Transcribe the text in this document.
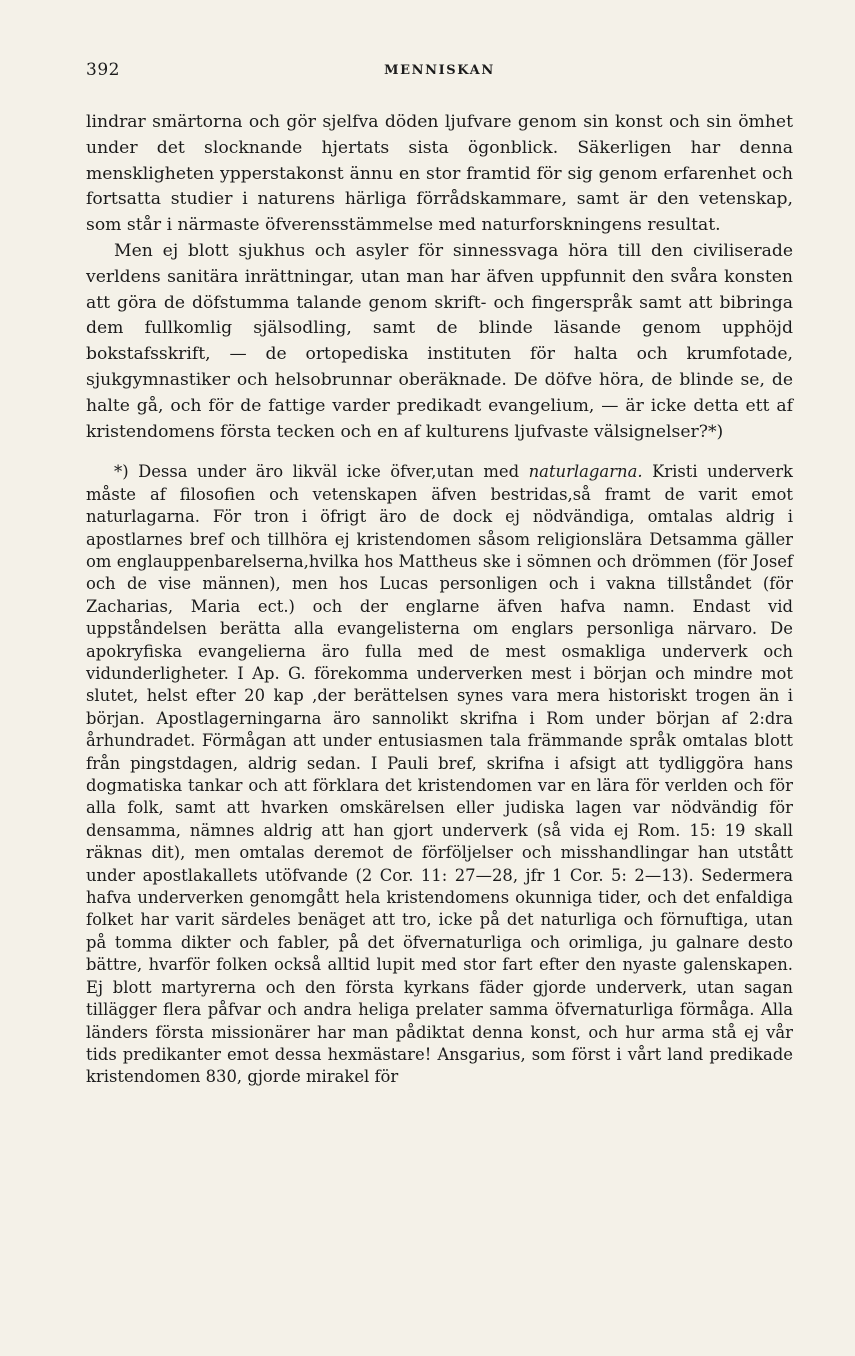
392	MENNISKAN

lindrar smärtorna och gör sjelfva döden ljufvare genom sin konst och sin ömhet under det slocknande hjertats sista ögonblick. Säkerligen har denna menskligheten ypperstakonst ännu en stor framtid för sig genom erfarenhet och fortsatta studier i naturens härliga förrådskammare, samt är den vetenskap, som står i närmaste öfverensstämmelse med naturforskningens resultat.

Men ej blott sjukhus och asyler för sinnessvaga höra till den civiliserade verldens sanitära inrättningar, utan man har äfven uppfunnit den svåra konsten att göra de döfstumma talande genom skrift- och fingerspråk samt att bibringa dem fullkomlig själsodling, samt de blinde läsande genom upphöjd bokstafsskrift, — de ortopediska instituten för halta och krumfotade, sjukgymnastiker och helsobrunnar oberäknade. De döfve höra, de blinde se, de halte gå, och för de fattige varder predikadt evangelium, — är icke detta ett af kristendomens första tecken och en af kulturens ljufvaste välsignelser?*)

*) Dessa under äro likväl icke öfver,utan med naturlagarna. Kristi underverk måste af filosofien och vetenskapen äfven bestridas,så framt de varit emot naturlagarna. För tron i öfrigt äro de dock ej nödvändiga, omtalas aldrig i apostlarnes bref och tillhöra ej kristendomen såsom religionslära Detsamma gäller om englauppenbarelserna,hvilka hos Mattheus ske i sömnen och drömmen (för Josef och de vise männen), men hos Lucas personligen och i vakna tillståndet (för Zacharias, Maria ect.) och der englarne äfven hafva namn. Endast vid uppståndelsen berätta alla evangelisterna om englars personliga närvaro. De apokryfiska evangelierna äro fulla med de mest osmakliga underverk och vidunderligheter. I Ap. G. förekomma underverken mest i början och mindre mot slutet, helst efter 20 kap ,der berättelsen synes vara mera historiskt trogen än i början. Apostlagerningarna äro sannolikt skrifna i Rom under början af 2:dra århundradet. Förmågan att under entusiasmen tala främmande språk omtalas blott från pingstdagen, aldrig sedan. I Pauli bref, skrifna i afsigt att tydliggöra hans dogmatiska tankar och att förklara det kristendomen var en lära för verlden och för alla folk, samt att hvarken omskärelsen eller judiska lagen var nödvändig för densamma, nämnes aldrig att han gjort underverk (så vida ej Rom. 15: 19 skall räknas dit), men omtalas deremot de förföljelser och misshandlingar han utstått under apostlakallets utöfvande (2 Cor. 11: 27—28, jfr 1 Cor. 5: 2—13). Sedermera hafva underverken genomgått hela kristendomens okunniga tider, och det enfaldiga folket har varit särdeles benäget att tro, icke på det naturliga och förnuftiga, utan på tomma dikter och fabler, på det öfvernaturliga och orimliga, ju galnare desto bättre, hvarför folken också alltid lupit med stor fart efter den nyaste galenskapen. Ej blott martyrerna och den första kyrkans fäder gjorde underverk, utan sagan tillägger flera påfvar och andra heliga prelater samma öfvernaturliga förmåga. Alla länders första missionärer har man pådiktat denna konst, och hur arma stå ej vår tids predikanter emot dessa hexmästare! Ansgarius, som först i vårt land predikade kristendomen 830, gjorde mirakel för
